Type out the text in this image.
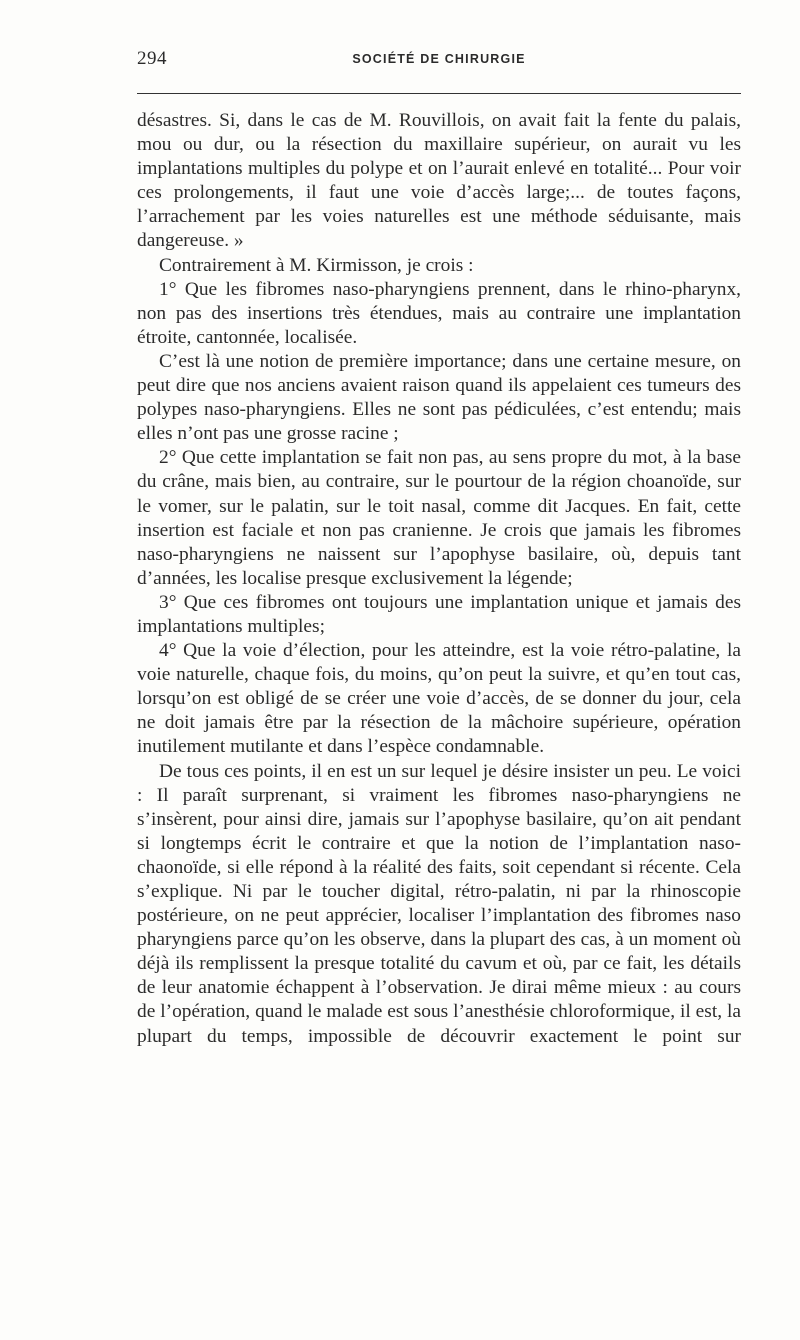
294	SOCIÉTÉ DE CHIRURGIE

désastres. Si, dans le cas de M. Rouvillois, on avait fait la fente du palais, mou ou dur, ou la résection du maxillaire supérieur, on aurait vu les implantations multiples du polype et on l’aurait enlevé en totalité... Pour voir ces prolongements, il faut une voie d’accès large;... de toutes façons, l’arrachement par les voies naturelles est une méthode séduisante, mais dangereuse. »

Contrairement à M. Kirmisson, je crois :

1° Que les fibromes naso-pharyngiens prennent, dans le rhino-pharynx, non pas des insertions très étendues, mais au contraire une implantation étroite, cantonnée, localisée.

C’est là une notion de première importance; dans une certaine mesure, on peut dire que nos anciens avaient raison quand ils appelaient ces tumeurs des polypes naso-pharyngiens. Elles ne sont pas pédiculées, c’est entendu; mais elles n’ont pas une grosse racine ;

2° Que cette implantation se fait non pas, au sens propre du mot, à la base du crâne, mais bien, au contraire, sur le pourtour de la région choanoïde, sur le vomer, sur le palatin, sur le toit nasal, comme dit Jacques. En fait, cette insertion est faciale et non pas cranienne. Je crois que jamais les fibromes naso-pharyngiens ne naissent sur l’apophyse basilaire, où, depuis tant d’années, les localise presque exclusivement la légende;

3° Que ces fibromes ont toujours une implantation unique et jamais des implantations multiples;

4° Que la voie d’élection, pour les atteindre, est la voie rétro-palatine, la voie naturelle, chaque fois, du moins, qu’on peut la suivre, et qu’en tout cas, lorsqu’on est obligé de se créer une voie d’accès, de se donner du jour, cela ne doit jamais être par la résection de la mâchoire supérieure, opération inutilement mutilante et dans l’espèce condamnable.

De tous ces points, il en est un sur lequel je désire insister un peu. Le voici : Il paraît surprenant, si vraiment les fibromes naso-pharyngiens ne s’insèrent, pour ainsi dire, jamais sur l’apophyse basilaire, qu’on ait pendant si longtemps écrit le contraire et que la notion de l’implantation naso-chaonoïde, si elle répond à la réalité des faits, soit cependant si récente. Cela s’explique. Ni par le toucher digital, rétro-palatin, ni par la rhinoscopie postérieure, on ne peut apprécier, localiser l’implantation des fibromes naso pharyngiens parce qu’on les observe, dans la plupart des cas, à un moment où déjà ils remplissent la presque totalité du cavum et où, par ce fait, les détails de leur anatomie échappent à l’observation. Je dirai même mieux : au cours de l’opération, quand le malade est sous l’anesthésie chloroformique, il est, la plupart du temps, impossible de découvrir exactement le point sur
